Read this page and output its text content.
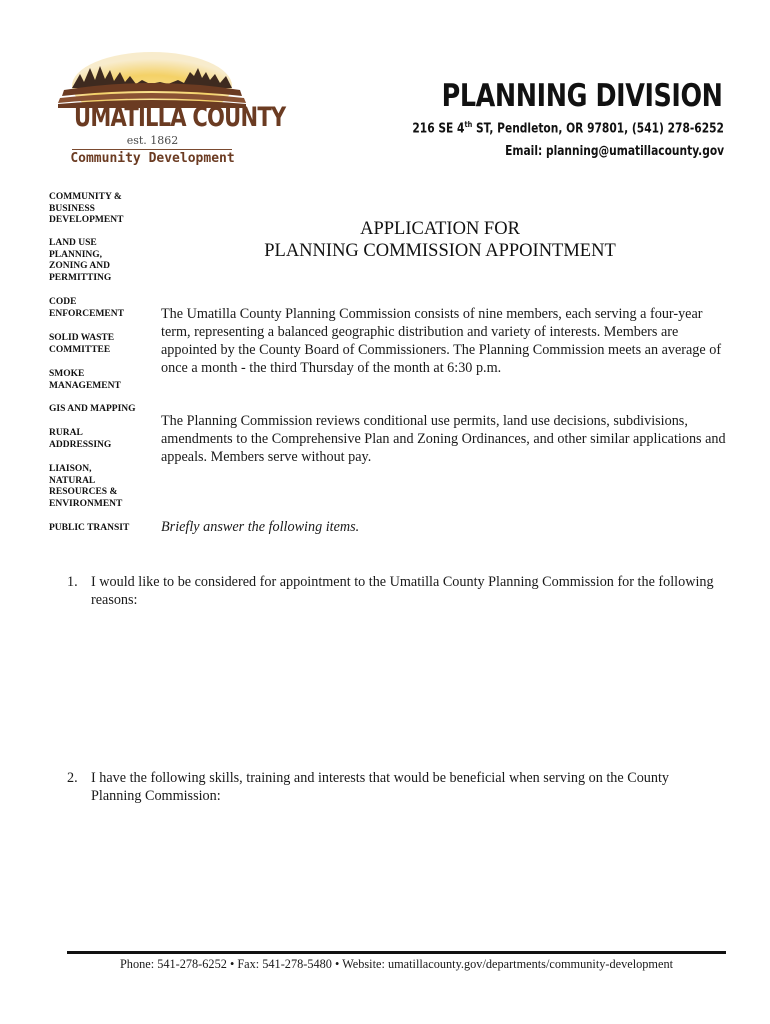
UMATILLA COUNTY
est. 1862
Community Development
PLANNING DIVISION
216 SE 4th ST, Pendleton, OR 97801, (541) 278-6252
Email: planning@umatillacounty.gov
COMMUNITY &
BUSINESS
DEVELOPMENT
LAND USE
PLANNING,
ZONING AND
PERMITTING
CODE
ENFORCEMENT
SOLID WASTE
COMMITTEE
SMOKE
MANAGEMENT
GIS AND MAPPING
RURAL
ADDRESSING
LIAISON,
NATURAL
RESOURCES &
ENVIRONMENT
PUBLIC TRANSIT
APPLICATION FOR
PLANNING COMMISSION APPOINTMENT
The Umatilla County Planning Commission consists of nine members, each serving a four-year term, representing a balanced geographic distribution and variety of interests. Members are appointed by the County Board of Commissioners. The Planning Commission meets an average of once a month - the third Thursday of the month at 6:30 p.m.
The Planning Commission reviews conditional use permits, land use decisions, subdivisions, amendments to the Comprehensive Plan and Zoning Ordinances, and other similar applications and appeals. Members serve without pay.
Briefly answer the following items.
1. I would like to be considered for appointment to the Umatilla County Planning Commission for the following reasons:
2. I have the following skills, training and interests that would be beneficial when serving on the County Planning Commission:
Phone: 541-278-6252 • Fax: 541-278-5480 • Website: umatillacounty.gov/departments/community-development
